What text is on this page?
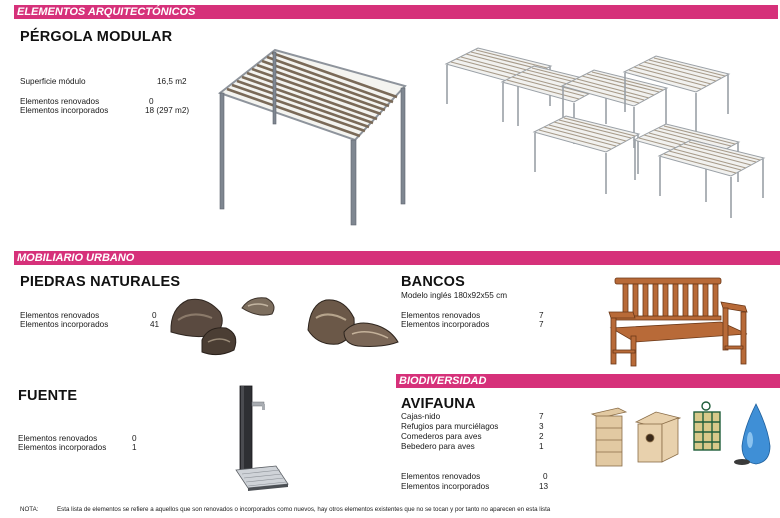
ELEMENTOS ARQUITECTÓNICOS
MOBILIARIO URBANO
BIODIVERSIDAD
PÉRGOLA MODULAR
Superficie módulo	16,5 m2
Elementos renovados	0
Elementos incorporados	18 (297 m2)
PIEDRAS NATURALES
Elementos renovados	0
Elementos incorporados	41
BANCOS
Modelo inglés 180x92x55 cm
Elementos renovados	7
Elementos incorporados	7
FUENTE
Elementos renovados	0
Elementos incorporados	1
AVIFAUNA
Cajas-nido	7
Refugios para murciélagos	3
Comederos para aves	2
Bebedero para aves	1
Elementos renovados	0
Elementos incorporados	13
NOTA:	Esta lista de elementos se refiere a aquellos que son renovados o incorporados como nuevos, hay otros elementos existentes que no se tocan y por tanto no aparecen en esta lista
